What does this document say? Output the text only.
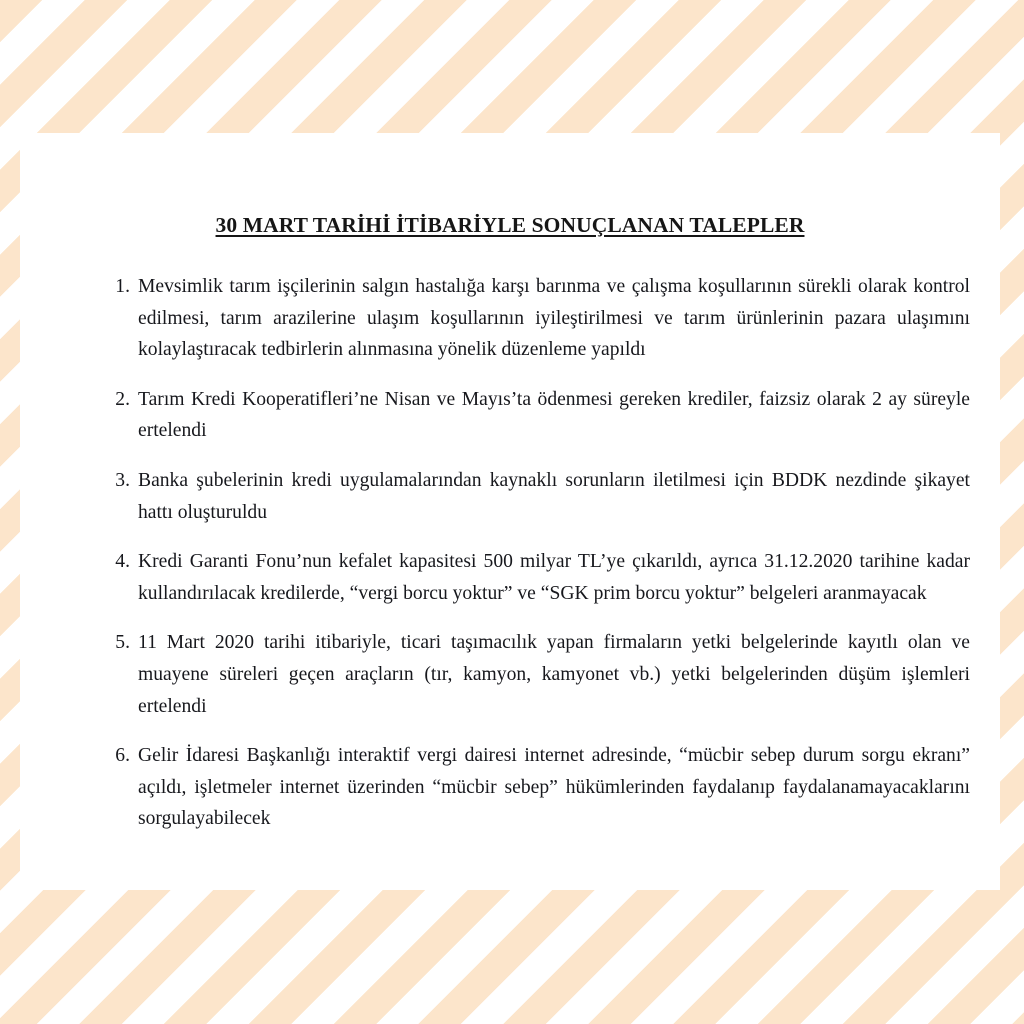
30 MART TARİHİ İTİBARİYLE SONUÇLANAN TALEPLER
1. Mevsimlik tarım işçilerinin salgın hastalığa karşı barınma ve çalışma koşullarının sürekli olarak kontrol edilmesi, tarım arazilerine ulaşım koşullarının iyileştirilmesi ve tarım ürünlerinin pazara ulaşımını kolaylaştıracak tedbirlerin alınmasına yönelik düzenleme yapıldı
2. Tarım Kredi Kooperatifleri’ne Nisan ve Mayıs’ta ödenmesi gereken krediler, faizsiz olarak 2 ay süreyle ertelendi
3. Banka şubelerinin kredi uygulamalarından kaynaklı sorunların iletilmesi için BDDK nezdinde şikayet hattı oluşturuldu
4. Kredi Garanti Fonu’nun kefalet kapasitesi 500 milyar TL’ye çıkarıldı, ayrıca 31.12.2020 tarihine kadar kullandırılacak kredilerde, “vergi borcu yoktur” ve “SGK prim borcu yoktur” belgeleri aranmayacak
5. 11 Mart 2020 tarihi itibariyle, ticari taşımacılık yapan firmaların yetki belgelerinde kayıtlı olan ve muayene süreleri geçen araçların (tır, kamyon, kamyonet vb.) yetki belgelerinden düşüm işlemleri ertelendi
6. Gelir İdaresi Başkanlığı interaktif vergi dairesi internet adresinde, “mücbir sebep durum sorgu ekranı” açıldı, işletmeler internet üzerinden “mücbir sebep” hükümlerinden faydalanıp faydalanamayacaklarını sorgulayabilecek
